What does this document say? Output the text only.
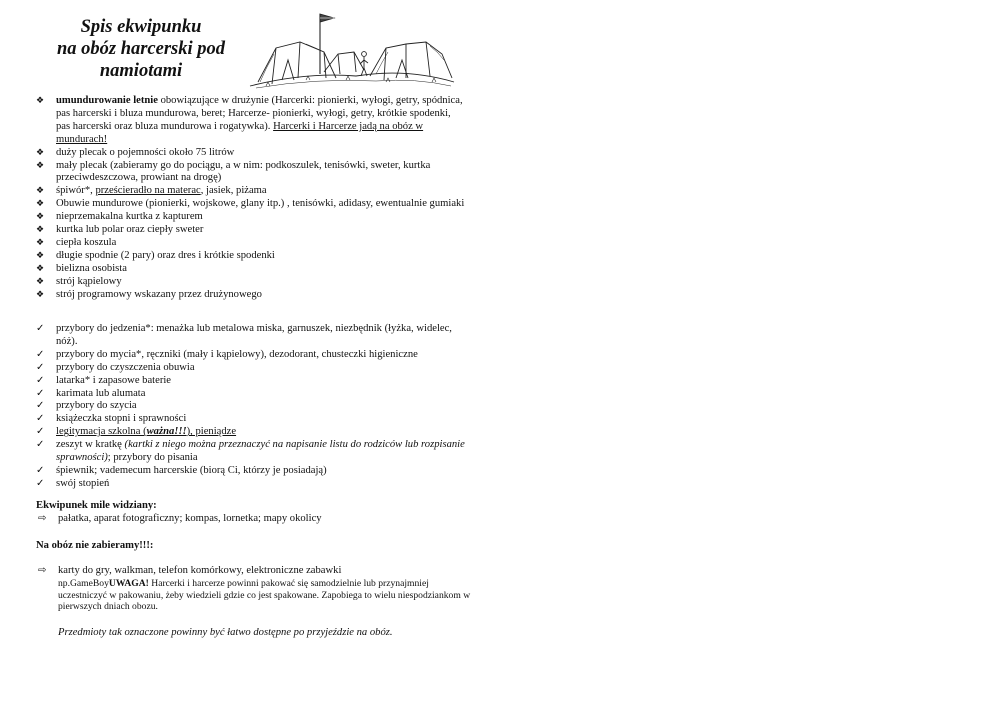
Spis ekwipunku
na obóz harcerski pod
namiotami
❖	umundurowanie letnie obowiązujące w drużynie (Harcerki: pionierki, wyłogi, getry, spódnica, pas harcerski i bluza mundurowa, beret; Harcerze- pionierki, wyłogi, getry, krótkie spodenki, pas harcerski oraz bluza mundurowa i rogatywka). Harcerki i Harcerze jadą na obóz w mundurach!
❖	duży plecak o pojemności około 75 litrów
❖	mały plecak (zabieramy go do pociągu, a w nim: podkoszulek, tenisówki, sweter, kurtka przeciwdeszczowa, prowiant na drogę)
❖	śpiwór*, prześcieradło na materac, jasiek, piżama
❖	Obuwie mundurowe (pionierki, wojskowe, glany itp.) , tenisówki, adidasy, ewentualnie gumiaki
❖	nieprzemakalna kurtka z kapturem
❖	kurtka lub polar oraz ciepły sweter
❖	ciepła koszula
❖	długie spodnie (2 pary) oraz dres i krótkie spodenki
❖	bielizna osobista
❖	strój kąpielowy
❖	strój programowy wskazany przez drużynowego
✓	przybory do jedzenia*: menażka lub metalowa miska, garnuszek, niezbędnik (łyżka, widelec, nóż).
✓	przybory do mycia*, ręczniki (mały i kąpielowy), dezodorant, chusteczki higieniczne
✓	przybory do czyszczenia obuwia
✓	latarka* i zapasowe baterie
✓	karimata lub alumata
✓	przybory do szycia
✓	książeczka stopni i sprawności
✓	legitymacja szkolna (ważna!!!), pieniądze
✓	zeszyt w kratkę (kartki z niego można przeznaczyć na napisanie listu do rodziców lub rozpisanie sprawności); przybory do pisania
✓	śpiewnik; vademecum harcerskie (biorą Ci, którzy je posiadają)
✓	swój stopień
Ekwipunek mile widziany:
⇨	pałatka, aparat fotograficzny; kompas, lornetka; mapy okolicy
Na obóz nie zabieramy!!!:
⇨	karty do gry, walkman, telefon komórkowy, elektroniczne zabawki
np.GameBoyUWAGA! Harcerki i harcerze powinni pakować się samodzielnie lub przynajmniej uczestniczyć w pakowaniu, żeby wiedzieli gdzie co jest spakowane. Zapobiega to wielu niespodziankom w pierwszych dniach obozu.
Przedmioty tak oznaczone powinny być łatwo dostępne po przyjeździe na obóz.
